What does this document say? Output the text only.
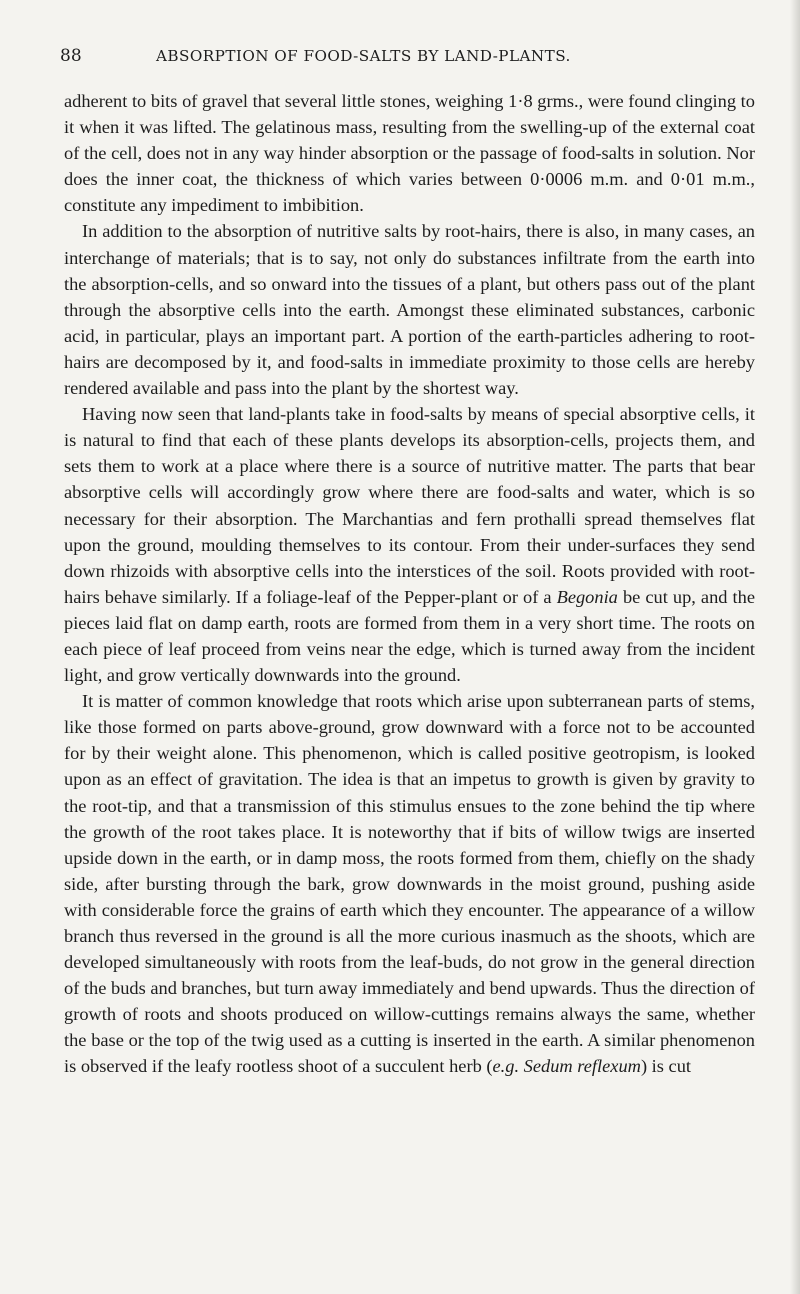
88	ABSORPTION OF FOOD-SALTS BY LAND-PLANTS.

adherent to bits of gravel that several little stones, weighing 1·8 grms., were found clinging to it when it was lifted. The gelatinous mass, resulting from the swelling-up of the external coat of the cell, does not in any way hinder absorption or the passage of food-salts in solution. Nor does the inner coat, the thickness of which varies between 0·0006 m.m. and 0·01 m.m., constitute any impediment to imbibition.

In addition to the absorption of nutritive salts by root-hairs, there is also, in many cases, an interchange of materials; that is to say, not only do substances infiltrate from the earth into the absorption-cells, and so onward into the tissues of a plant, but others pass out of the plant through the absorptive cells into the earth. Amongst these eliminated substances, carbonic acid, in particular, plays an important part. A portion of the earth-particles adhering to root-hairs are decomposed by it, and food-salts in immediate proximity to those cells are hereby rendered available and pass into the plant by the shortest way.

Having now seen that land-plants take in food-salts by means of special absorptive cells, it is natural to find that each of these plants develops its absorption-cells, projects them, and sets them to work at a place where there is a source of nutritive matter. The parts that bear absorptive cells will accordingly grow where there are food-salts and water, which is so necessary for their absorption. The Marchantias and fern prothalli spread themselves flat upon the ground, moulding themselves to its contour. From their under-surfaces they send down rhizoids with absorptive cells into the interstices of the soil. Roots provided with root-hairs behave similarly. If a foliage-leaf of the Pepper-plant or of a Begonia be cut up, and the pieces laid flat on damp earth, roots are formed from them in a very short time. The roots on each piece of leaf proceed from veins near the edge, which is turned away from the incident light, and grow vertically downwards into the ground.

It is matter of common knowledge that roots which arise upon subterranean parts of stems, like those formed on parts above-ground, grow downward with a force not to be accounted for by their weight alone. This phenomenon, which is called positive geotropism, is looked upon as an effect of gravitation. The idea is that an impetus to growth is given by gravity to the root-tip, and that a transmission of this stimulus ensues to the zone behind the tip where the growth of the root takes place. It is noteworthy that if bits of willow twigs are inserted upside down in the earth, or in damp moss, the roots formed from them, chiefly on the shady side, after bursting through the bark, grow downwards in the moist ground, pushing aside with considerable force the grains of earth which they encounter. The appearance of a willow branch thus reversed in the ground is all the more curious inasmuch as the shoots, which are developed simultaneously with roots from the leaf-buds, do not grow in the general direction of the buds and branches, but turn away immediately and bend upwards. Thus the direction of growth of roots and shoots produced on willow-cuttings remains always the same, whether the base or the top of the twig used as a cutting is inserted in the earth. A similar phenomenon is observed if the leafy rootless shoot of a succulent herb (e.g. Sedum reflexum) is cut
